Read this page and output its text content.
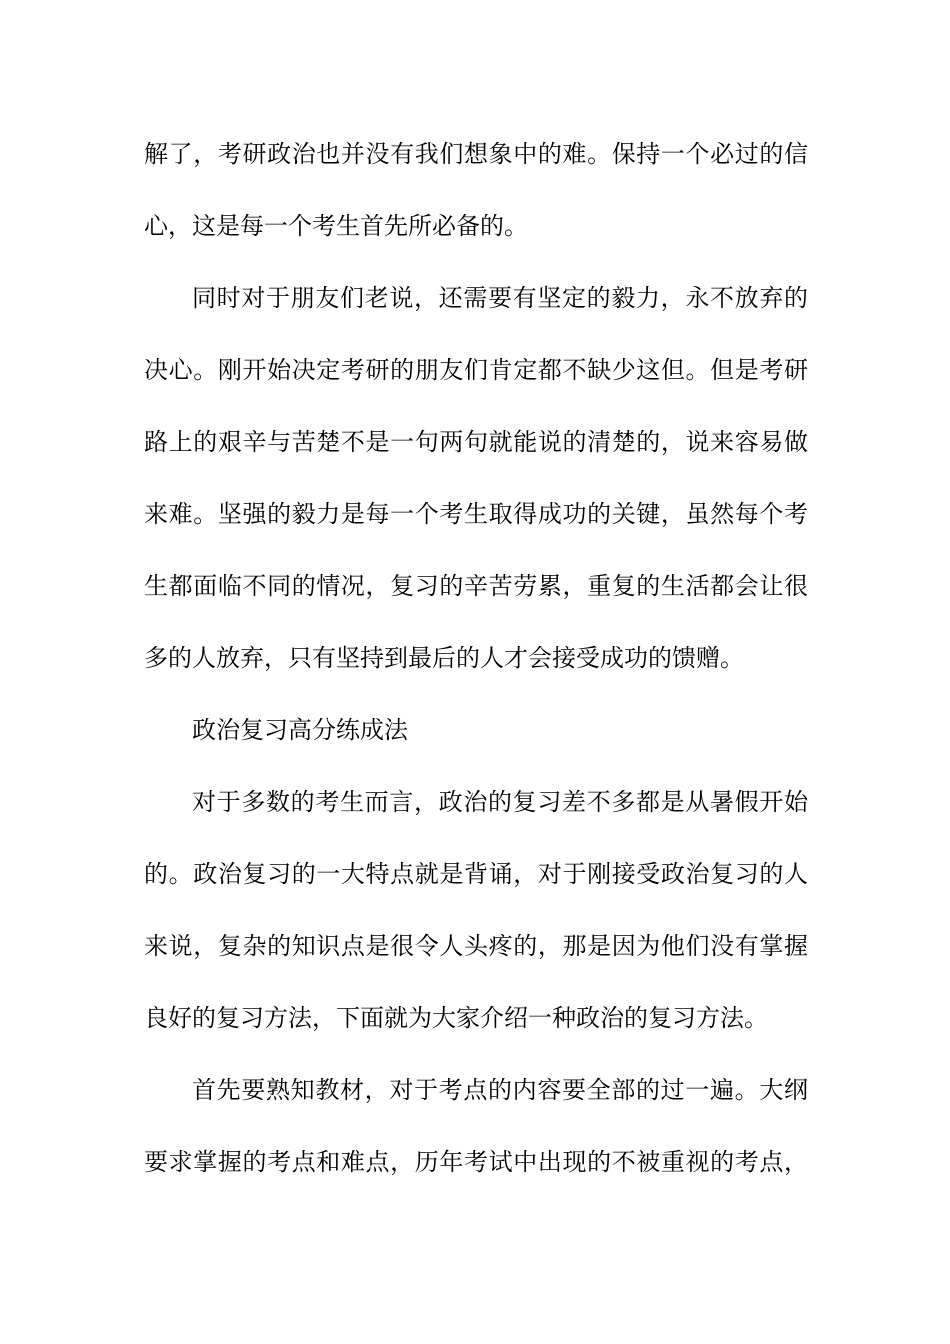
解了，考研政治也并没有我们想象中的难。保持一个必过的信
心，这是每一个考生首先所必备的。
同时对于朋友们老说，还需要有坚定的毅力，永不放弃的
决心。刚开始决定考研的朋友们肯定都不缺少这但。但是考研
路上的艰辛与苦楚不是一句两句就能说的清楚的，说来容易做
来难。坚强的毅力是每一个考生取得成功的关键，虽然每个考
生都面临不同的情况，复习的辛苦劳累，重复的生活都会让很
多的人放弃，只有坚持到最后的人才会接受成功的馈赠。
政治复习高分练成法
对于多数的考生而言，政治的复习差不多都是从暑假开始
的。政治复习的一大特点就是背诵，对于刚接受政治复习的人
来说，复杂的知识点是很令人头疼的，那是因为他们没有掌握
良好的复习方法，下面就为大家介绍一种政治的复习方法。
首先要熟知教材，对于考点的内容要全部的过一遍。大纲
要求掌握的考点和难点，历年考试中出现的不被重视的考点，
